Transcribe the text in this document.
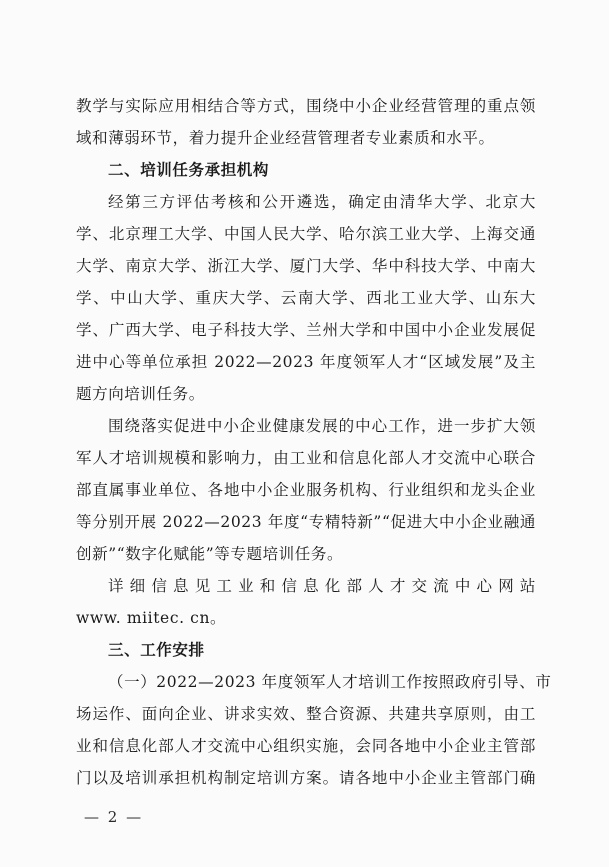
教学与实际应用相结合等方式，围绕中小企业经营管理的重点领
域和薄弱环节，着力提升企业经营管理者专业素质和水平。
二、培训任务承担机构
经第三方评估考核和公开遴选，确定由清华大学、北京大
学、北京理工大学、中国人民大学、哈尔滨工业大学、上海交通
大学、南京大学、浙江大学、厦门大学、华中科技大学、中南大
学、中山大学、重庆大学、云南大学、西北工业大学、山东大
学、广西大学、电子科技大学、兰州大学和中国中小企业发展促
进中心等单位承担 2022—2023 年度领军人才“区域发展”及主
题方向培训任务。
围绕落实促进中小企业健康发展的中心工作，进一步扩大领
军人才培训规模和影响力，由工业和信息化部人才交流中心联合
部直属事业单位、各地中小企业服务机构、行业组织和龙头企业
等分别开展 2022—2023 年度“专精特新”“促进大中小企业融通
创新”“数字化赋能”等专题培训任务。
详细信息见工业和信息化部人才交流中心网站
www. miitec. cn。
三、工作安排
（一）2022—2023 年度领军人才培训工作按照政府引导、市
场运作、面向企业、讲求实效、整合资源、共建共享原则，由工
业和信息化部人才交流中心组织实施，会同各地中小企业主管部
门以及培训承担机构制定培训方案。请各地中小企业主管部门确
— 2 —
